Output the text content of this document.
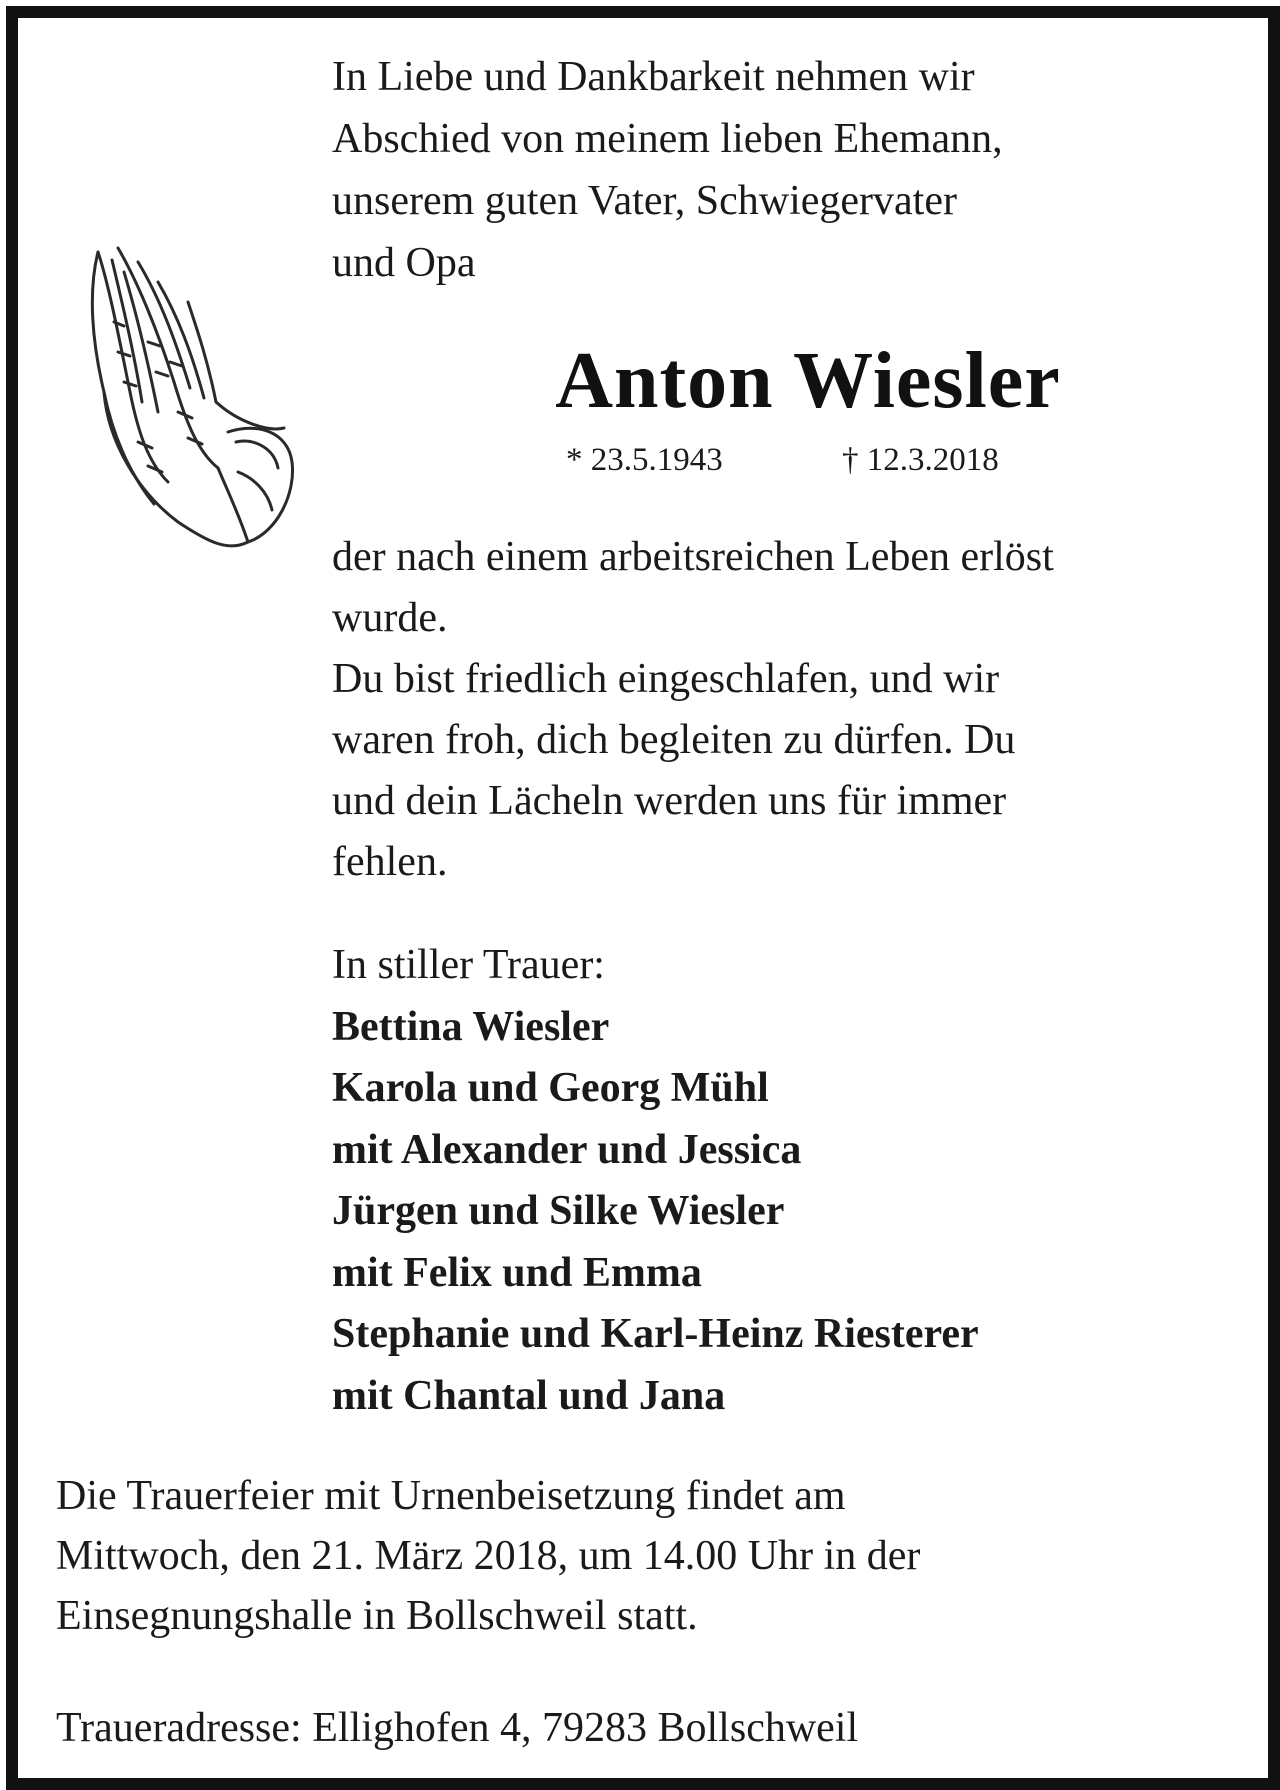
In Liebe und Dankbarkeit nehmen wir
Abschied von meinem lieben Ehemann,
unserem guten Vater, Schwiegervater
und Opa
Anton Wiesler
* 23.5.1943	† 12.3.2018
der nach einem arbeitsreichen Leben erlöst
wurde.
Du bist friedlich eingeschlafen, und wir
waren froh, dich begleiten zu dürfen. Du
und dein Lächeln werden uns für immer
fehlen.
In stiller Trauer:
Bettina Wiesler
Karola und Georg Mühl
mit Alexander und Jessica
Jürgen und Silke Wiesler
mit Felix und Emma
Stephanie und Karl-Heinz Riesterer
mit Chantal und Jana
Die Trauerfeier mit Urnenbeisetzung findet am
Mittwoch, den 21. März 2018, um 14.00 Uhr in der
Einsegnungshalle in Bollschweil statt.
Traueradresse: Ellighofen 4, 79283 Bollschweil
